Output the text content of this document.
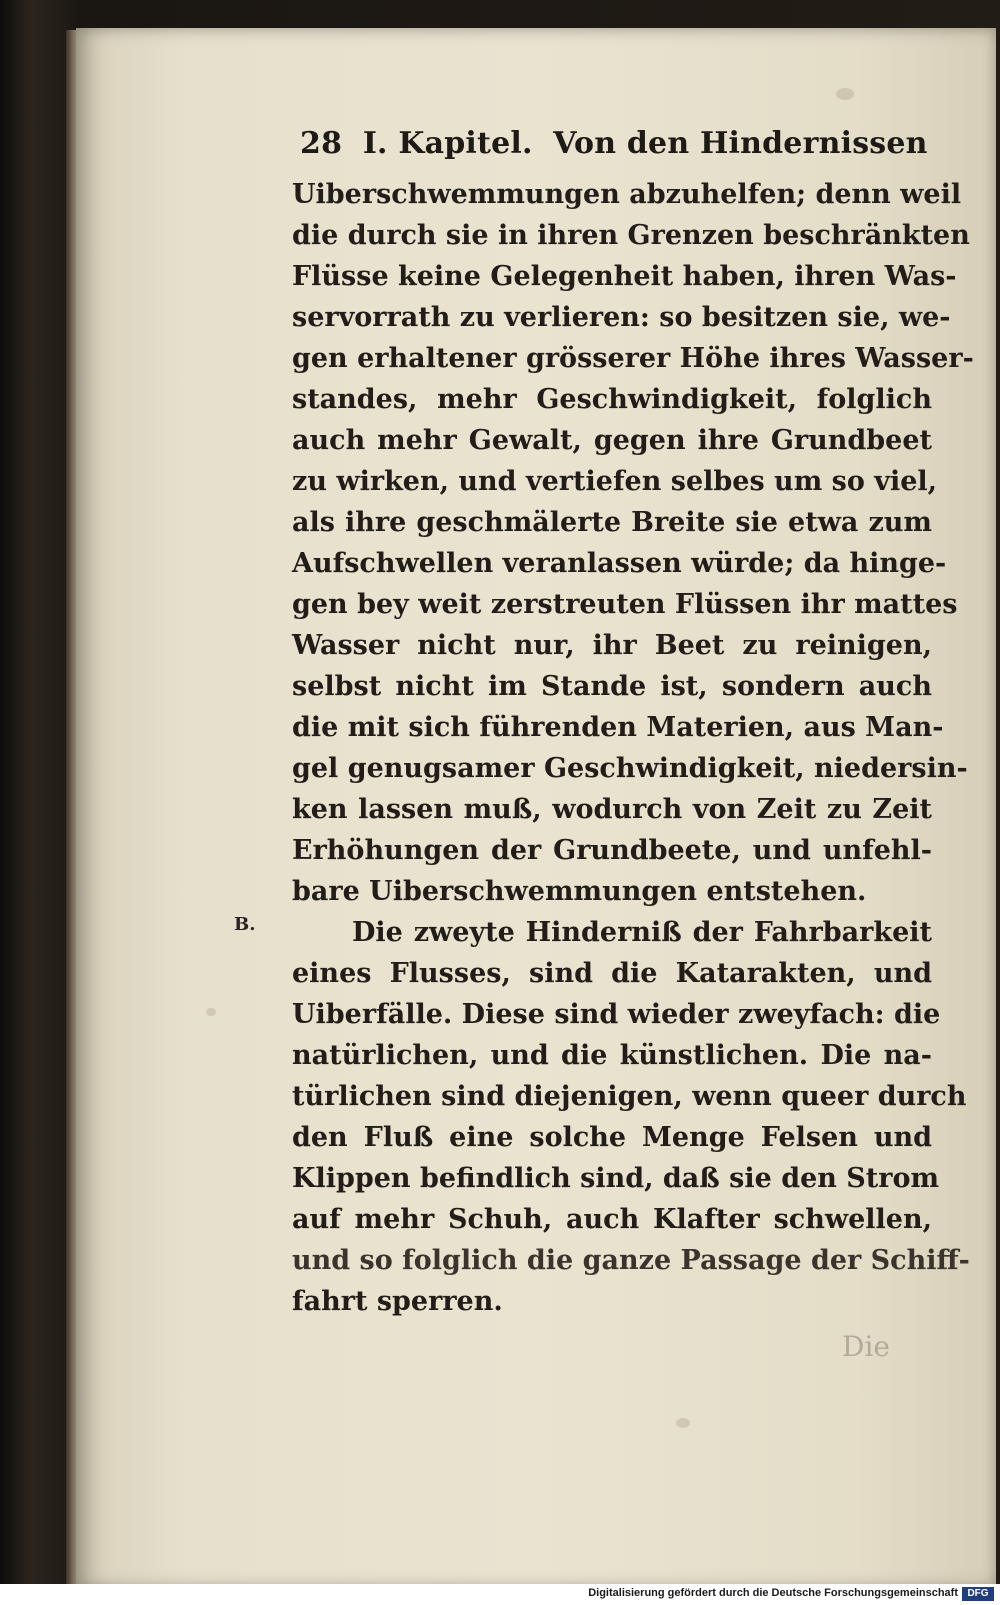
28 I. Kapitel. Von den Hindernissen
Uiberschwemmungen abzuhelfen; denn weil
die durch sie in ihren Grenzen beschränkten
Flüsse keine Gelegenheit haben, ihren Was-
servorrath zu verlieren: so besitzen sie, we-
gen erhaltener grösserer Höhe ihres Wasser-
standes, mehr Geschwindigkeit, folglich
auch mehr Gewalt, gegen ihre Grundbeet
zu wirken, und vertiefen selbes um so viel,
als ihre geschmälerte Breite sie etwa zum
Aufschwellen veranlassen würde; da hinge-
gen bey weit zerstreuten Flüssen ihr mattes
Wasser nicht nur, ihr Beet zu reinigen,
selbst nicht im Stande ist, sondern auch
die mit sich führenden Materien, aus Man-
gel genugsamer Geschwindigkeit, niedersin-
ken lassen muß, wodurch von Zeit zu Zeit
Erhöhungen der Grundbeete, und unfehl-
bare Uiberschwemmungen entstehen.
Die zweyte Hinderniß der Fahrbarkeit
eines Flusses, sind die Katarakten, und
Uiberfälle. Diese sind wieder zweyfach: die
natürlichen, und die künstlichen. Die na-
türlichen sind diejenigen, wenn queer durch
den Fluß eine solche Menge Felsen und
Klippen befindlich sind, daß sie den Strom
auf mehr Schuh, auch Klafter schwellen,
und so folglich die ganze Passage der Schiff-
fahrt sperren.
B.
Die
Digitalisierung gefördert durch die Deutsche Forschungsgemeinschaft DFG
